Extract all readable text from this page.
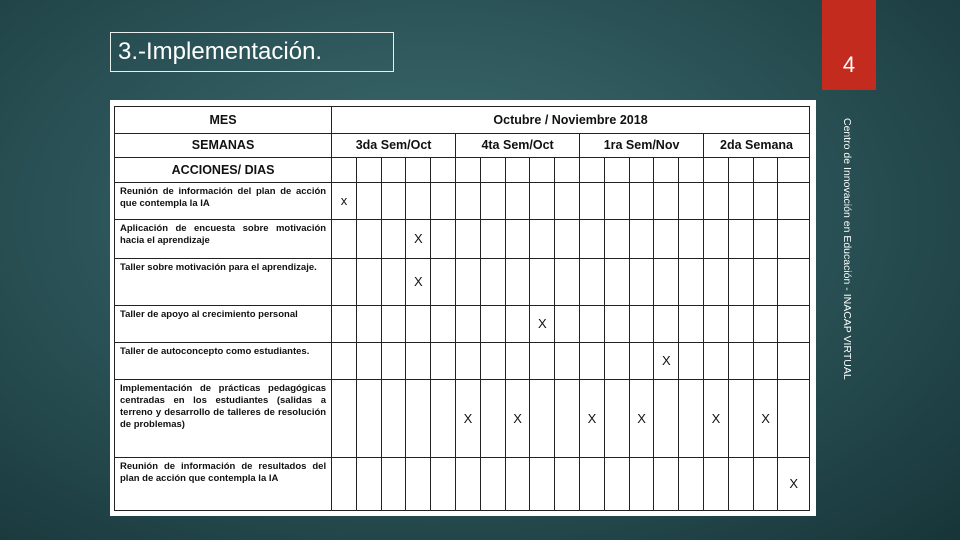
3.-Implementación.	4
Centro de Innovación en Educación - INACAP VIRTUAL
MES	Octubre / Noviembre 2018																		
SEMANAS	3da Sem/Oct					4ta Sem/Oct					1ra Sem/Nov					2da Semana			
ACCIONES/ DIAS																			
Reunión de información del plan de acción que contempla la IA	x																		
Aplicación de encuesta sobre motivación hacia el aprendizaje				X															
Taller sobre motivación para el aprendizaje.				X															
Taller de apoyo al crecimiento personal									X										
Taller de autoconcepto como estudiantes.														X					
Implementación de prácticas pedagógicas centradas en los estudiantes (salidas a terreno y desarrollo de talleres de resolución de problemas)						X		X			X		X			X		X	
Reunión de información de resultados del plan de acción que contempla la IA																			X
